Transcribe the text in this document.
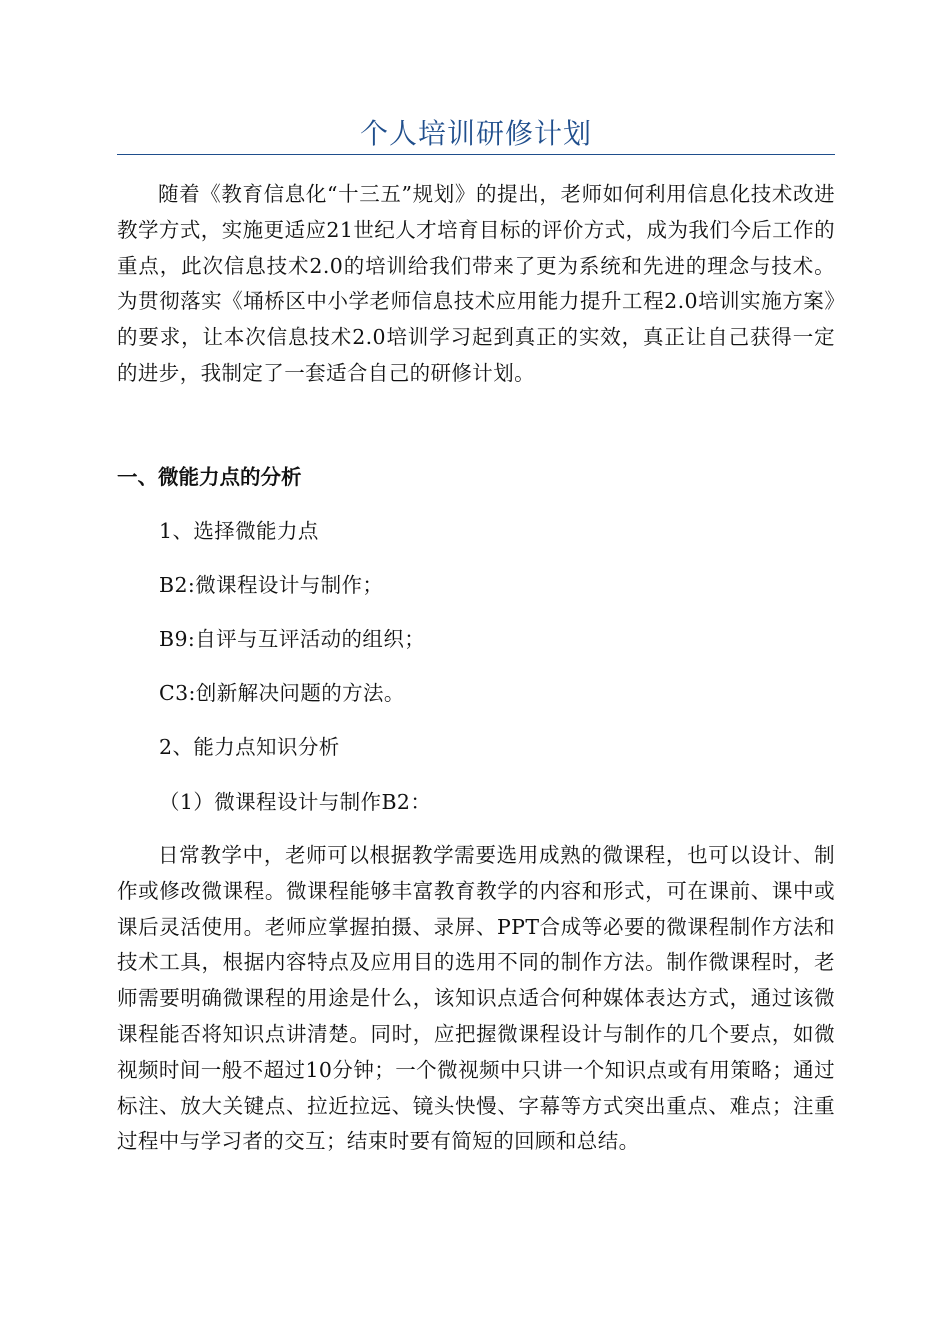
个人培训研修计划

随着《教育信息化“十三五”规划》的提出，老师如何利用信息化技术改进教学方式，实施更适应21世纪人才培育目标的评价方式，成为我们今后工作的重点，此次信息技术2.0的培训给我们带来了更为系统和先进的理念与技术。为贯彻落实《埇桥区中小学老师信息技术应用能力提升工程2.0培训实施方案》的要求，让本次信息技术2.0培训学习起到真正的实效，真正让自己获得一定的进步，我制定了一套适合自己的研修计划。

一、微能力点的分析
1、选择微能力点
B2:微课程设计与制作；
B9:自评与互评活动的组织；
C3:创新解决问题的方法。
2、能力点知识分析
（1）微课程设计与制作B2：

日常教学中，老师可以根据教学需要选用成熟的微课程，也可以设计、制作或修改微课程。微课程能够丰富教育教学的内容和形式，可在课前、课中或课后灵活使用。老师应掌握拍摄、录屏、PPT合成等必要的微课程制作方法和技术工具，根据内容特点及应用目的选用不同的制作方法。制作微课程时，老师需要明确微课程的用途是什么，该知识点适合何种媒体表达方式，通过该微课程能否将知识点讲清楚。同时，应把握微课程设计与制作的几个要点，如微视频时间一般不超过10分钟；一个微视频中只讲一个知识点或有用策略；通过标注、放大关键点、拉近拉远、镜头快慢、字幕等方式突出重点、难点；注重过程中与学习者的交互；结束时要有简短的回顾和总结。
